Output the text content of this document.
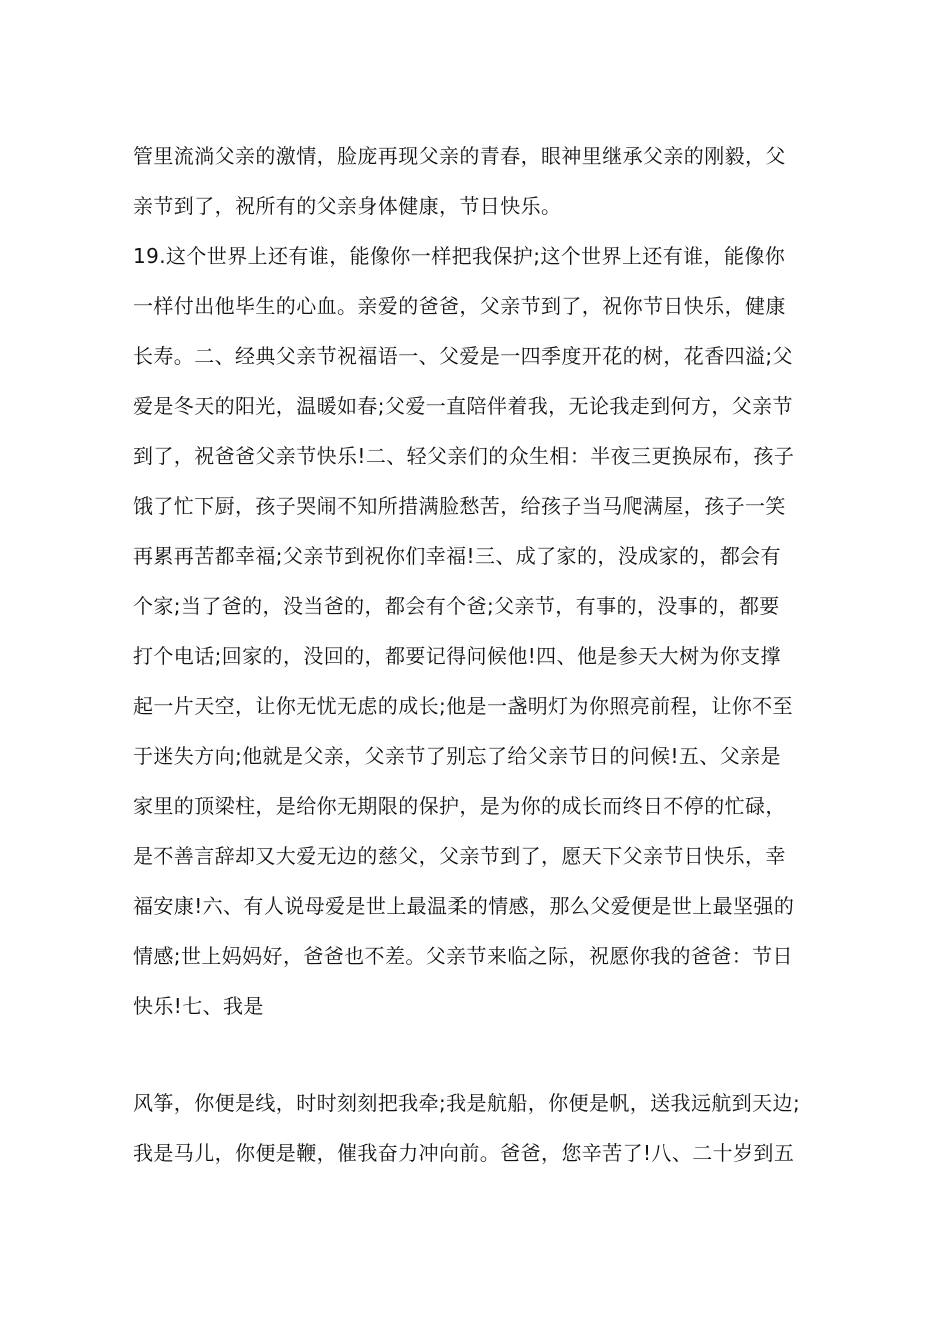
管里流淌父亲的激情，脸庞再现父亲的青春，眼神里继承父亲的刚毅，父
亲节到了，祝所有的父亲身体健康，节日快乐。
19.这个世界上还有谁，能像你一样把我保护;这个世界上还有谁，能像你
一样付出他毕生的心血。亲爱的爸爸，父亲节到了，祝你节日快乐，健康
长寿。二、经典父亲节祝福语一、父爱是一四季度开花的树，花香四溢;父
爱是冬天的阳光，温暖如春;父爱一直陪伴着我，无论我走到何方，父亲节
到了，祝爸爸父亲节快乐!二、轻父亲们的众生相：半夜三更换尿布，孩子
饿了忙下厨，孩子哭闹不知所措满脸愁苦，给孩子当马爬满屋，孩子一笑
再累再苦都幸福;父亲节到祝你们幸福!三、成了家的，没成家的，都会有
个家;当了爸的，没当爸的，都会有个爸;父亲节，有事的，没事的，都要
打个电话;回家的，没回的，都要记得问候他!四、他是参天大树为你支撑
起一片天空，让你无忧无虑的成长;他是一盏明灯为你照亮前程，让你不至
于迷失方向;他就是父亲，父亲节了别忘了给父亲节日的问候!五、父亲是
家里的顶梁柱，是给你无期限的保护，是为你的成长而终日不停的忙碌，
是不善言辞却又大爱无边的慈父，父亲节到了，愿天下父亲节日快乐，幸
福安康!六、有人说母爱是世上最温柔的情感，那么父爱便是世上最坚强的
情感;世上妈妈好，爸爸也不差。父亲节来临之际，祝愿你我的爸爸：节日
快乐!七、我是
风筝，你便是线，时时刻刻把我牵;我是航船，你便是帆，送我远航到天边;
我是马儿，你便是鞭，催我奋力冲向前。爸爸，您辛苦了!八、二十岁到五
